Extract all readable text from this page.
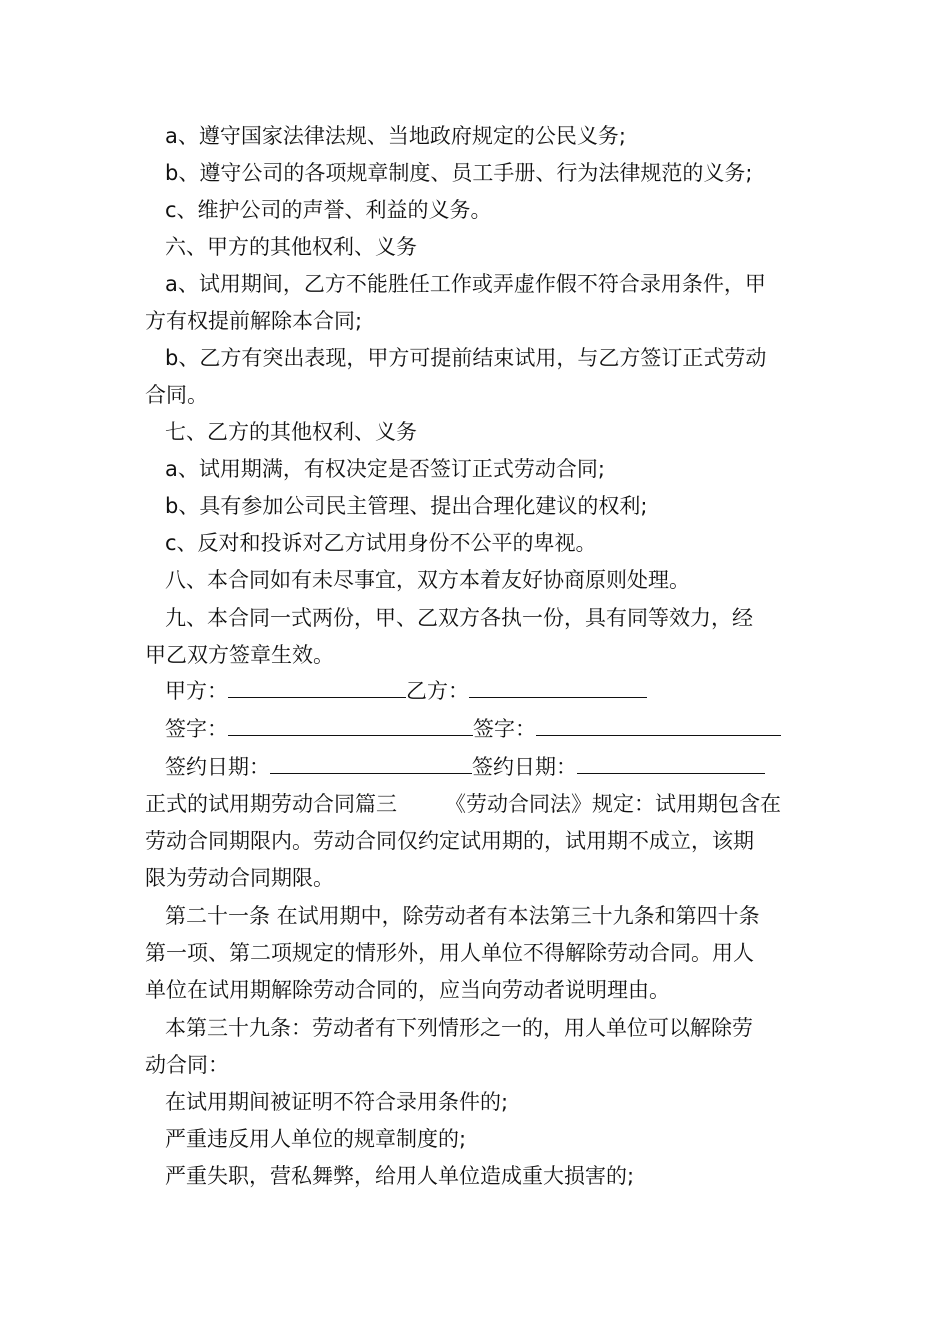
a、遵守国家法律法规、当地政府规定的公民义务;
b、遵守公司的各项规章制度、员工手册、行为法律规范的义务;
c、维护公司的声誉、利益的义务。
六、甲方的其他权利、义务
a、试用期间，乙方不能胜任工作或弄虚作假不符合录用条件，甲
方有权提前解除本合同;
b、乙方有突出表现，甲方可提前结束试用，与乙方签订正式劳动
合同。
七、乙方的其他权利、义务
a、试用期满，有权决定是否签订正式劳动合同;
b、具有参加公司民主管理、提出合理化建议的权利;
c、反对和投诉对乙方试用身份不公平的卑视。
八、本合同如有未尽事宜，双方本着友好协商原则处理。
九、本合同一式两份，甲、乙双方各执一份，具有同等效力，经
甲乙双方签章生效。
甲方：	乙方：
签字：	签字：
签约日期：	签约日期：
正式的试用期劳动合同篇三 《劳动合同法》规定：试用期包含在
劳动合同期限内。劳动合同仅约定试用期的，试用期不成立，该期
限为劳动合同期限。
第二十一条 在试用期中，除劳动者有本法第三十九条和第四十条
第一项、第二项规定的情形外，用人单位不得解除劳动合同。用人
单位在试用期解除劳动合同的，应当向劳动者说明理由。
本第三十九条：劳动者有下列情形之一的，用人单位可以解除劳
动合同：
在试用期间被证明不符合录用条件的;
严重违反用人单位的规章制度的;
严重失职，营私舞弊，给用人单位造成重大损害的;
